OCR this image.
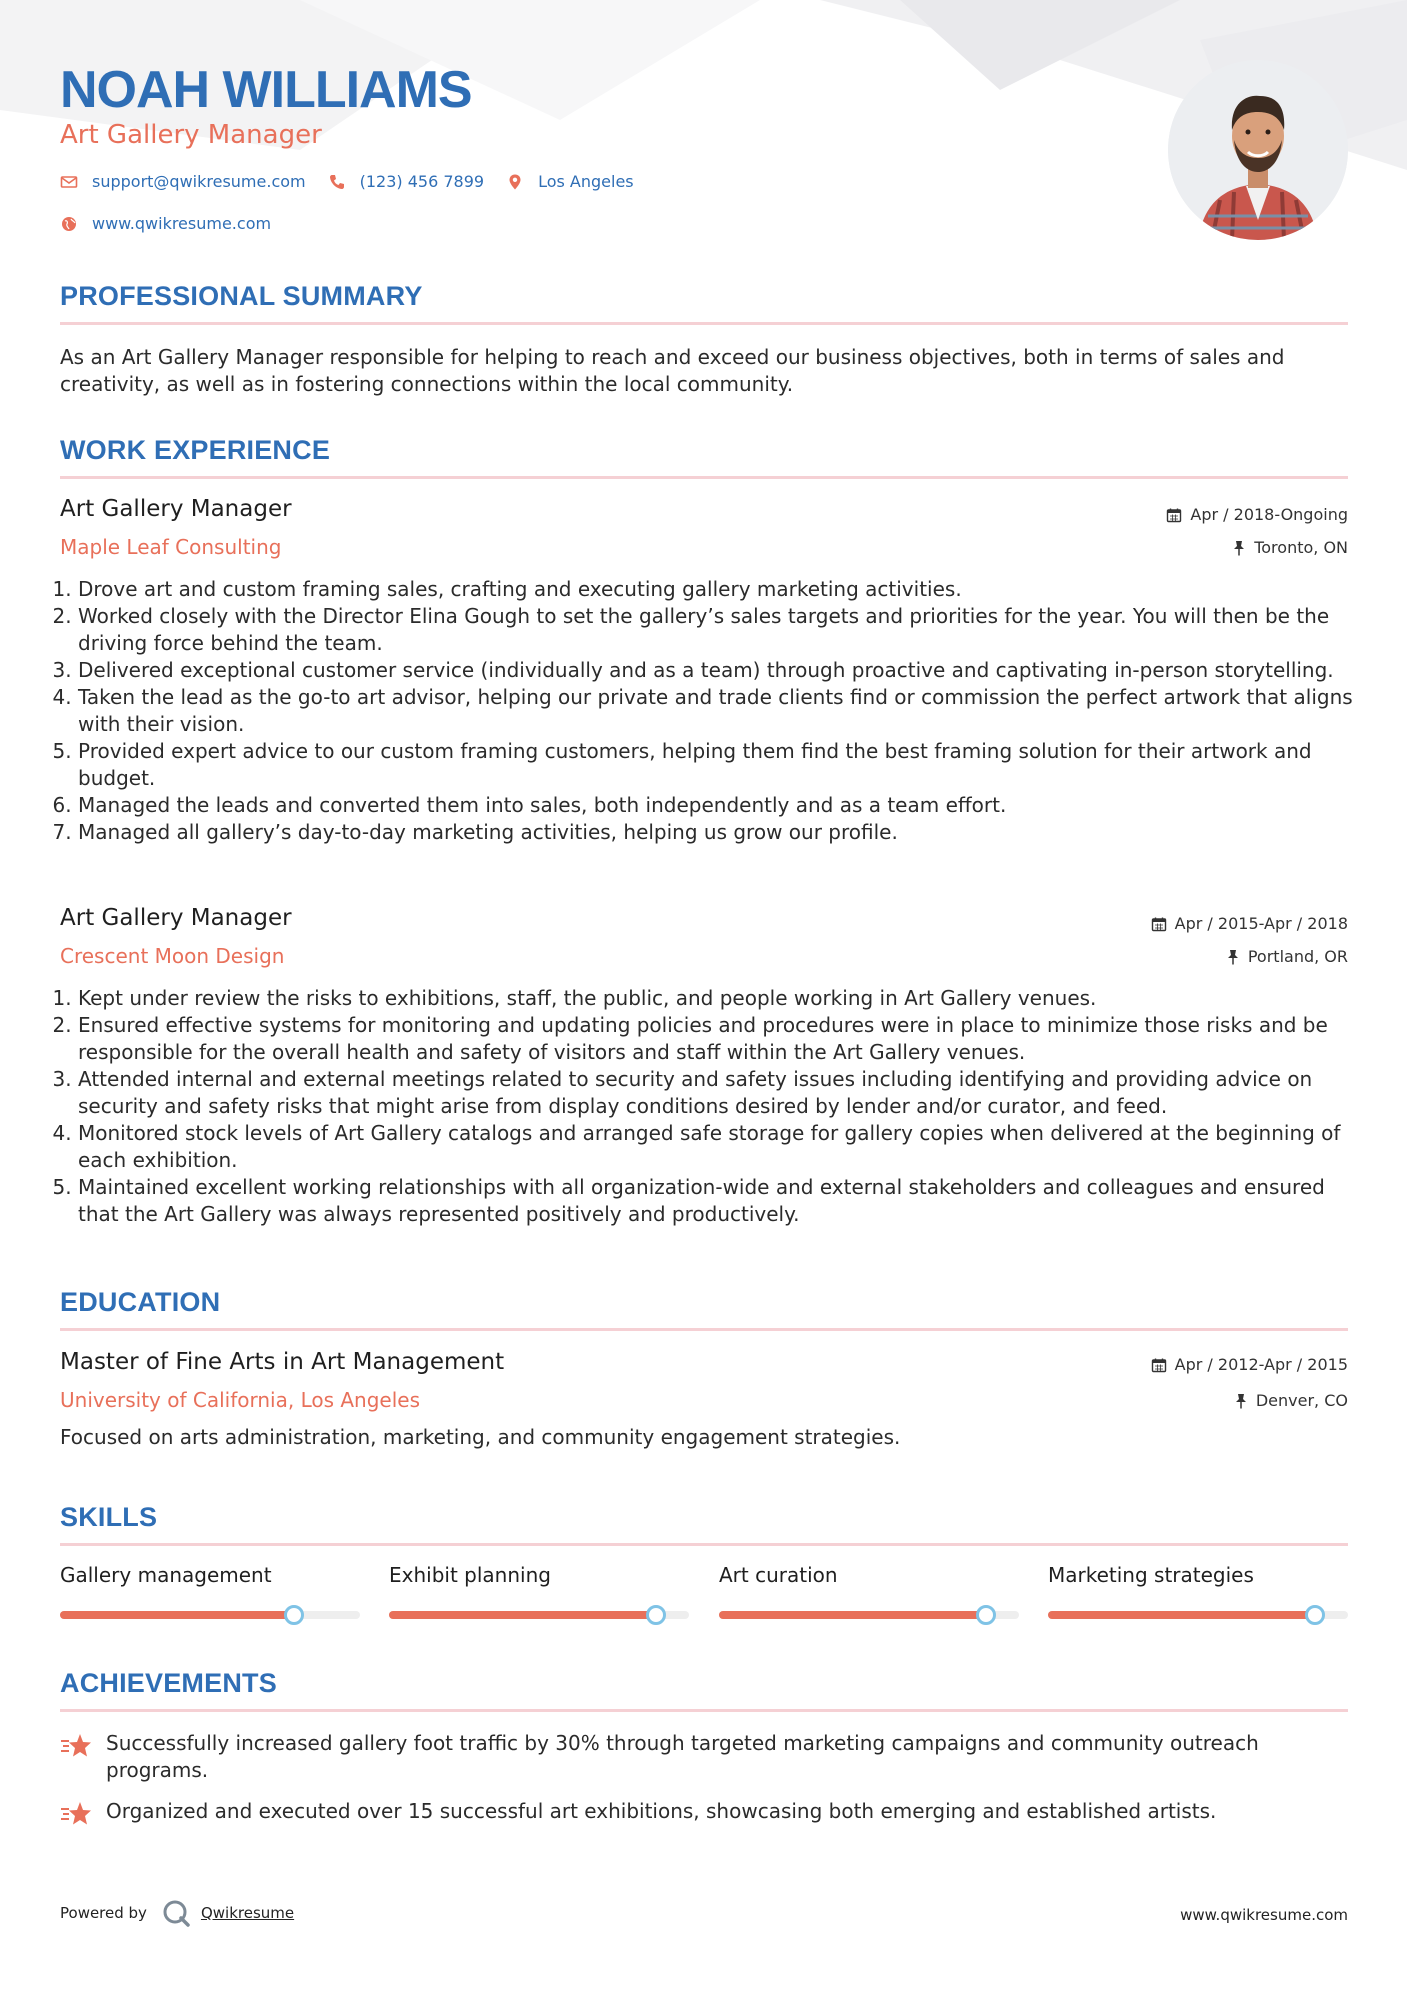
NOAH WILLIAMS
Art Gallery Manager
support@qwikresume.com	(123) 456 7899	Los Angeles
www.qwikresume.com
PROFESSIONAL SUMMARY

As an Art Gallery Manager responsible for helping to reach and exceed our business objectives, both in terms of sales and creativity, as well as in fostering connections within the local community.

WORK EXPERIENCE
Art Gallery Manager	Apr / 2018-Ongoing
Maple Leaf Consulting	Toronto, ON
1. Drove art and custom framing sales, crafting and executing gallery marketing activities.
2. Worked closely with the Director Elina Gough to set the gallery’s sales targets and priorities for the year. You will then be the driving force behind the team.
3. Delivered exceptional customer service (individually and as a team) through proactive and captivating in-person storytelling.
4. Taken the lead as the go-to art advisor, helping our private and trade clients find or commission the perfect artwork that aligns with their vision.
5. Provided expert advice to our custom framing customers, helping them find the best framing solution for their artwork and budget.
6. Managed the leads and converted them into sales, both independently and as a team effort.
7. Managed all gallery’s day-to-day marketing activities, helping us grow our profile.
Art Gallery Manager	Apr / 2015-Apr / 2018
Crescent Moon Design	Portland, OR
1. Kept under review the risks to exhibitions, staff, the public, and people working in Art Gallery venues.
2. Ensured effective systems for monitoring and updating policies and procedures were in place to minimize those risks and be responsible for the overall health and safety of visitors and staff within the Art Gallery venues.
3. Attended internal and external meetings related to security and safety issues including identifying and providing advice on security and safety risks that might arise from display conditions desired by lender and/or curator, and feed.
4. Monitored stock levels of Art Gallery catalogs and arranged safe storage for gallery copies when delivered at the beginning of each exhibition.
5. Maintained excellent working relationships with all organization-wide and external stakeholders and colleagues and ensured that the Art Gallery was always represented positively and productively.
EDUCATION
Master of Fine Arts in Art Management	Apr / 2012-Apr / 2015
University of California, Los Angeles	Denver, CO

Focused on arts administration, marketing, and community engagement strategies.

SKILLS
Gallery management	Exhibit planning	Art curation	Marketing strategies
ACHIEVEMENTS
Successfully increased gallery foot traffic by 30% through targeted marketing campaigns and community outreach programs.
Organized and executed over 15 successful art exhibitions, showcasing both emerging and established artists.
Powered by	Qwikresume	www.qwikresume.com
